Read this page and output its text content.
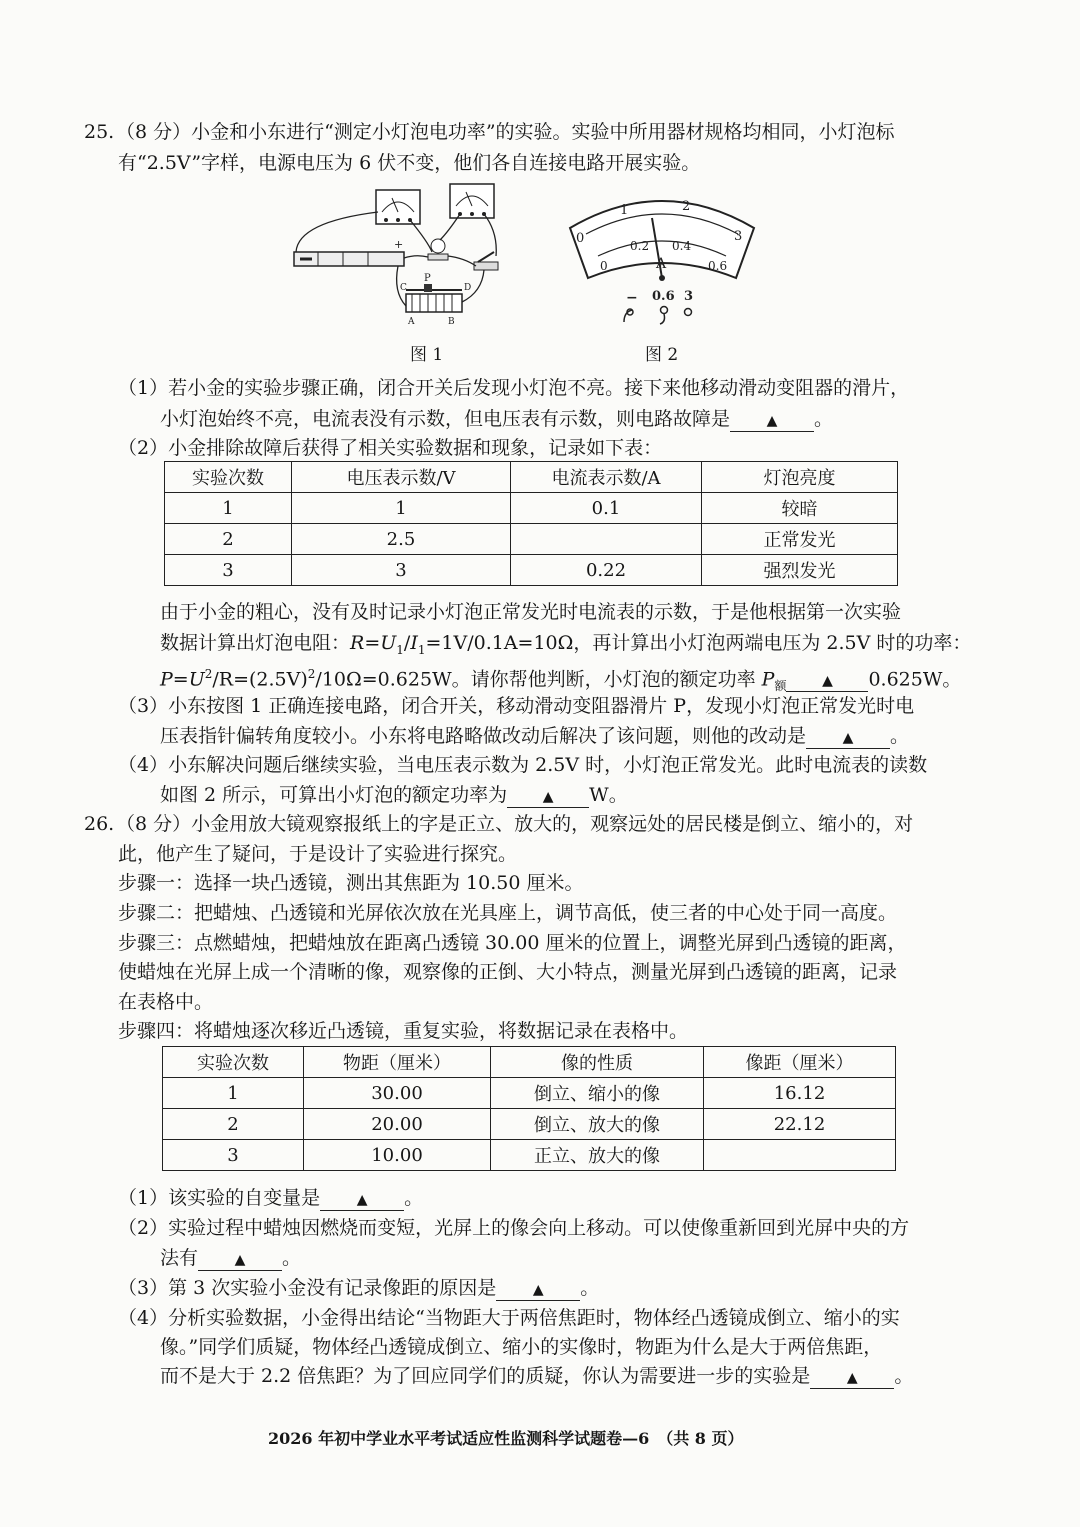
25. （8 分）小金和小东进行“测定小灯泡电功率”的实验。实验中所用器材规格均相同，小灯泡标
有“2.5V”字样，电源电压为 6 伏不变，他们各自连接电路开展实验。
+
P
A	B
C	D
0
1	2
3
0
0.2 0.4
0.6
A
− 0.6 3
图 1	图 2
（1）若小金的实验步骤正确，闭合开关后发现小灯泡不亮。接下来他移动滑动变阻器的滑片，
小灯泡始终不亮，电流表没有示数，但电压表有示数，则电路故障是	▲ 。
（2）小金排除故障后获得了相关实验数据和现象，记录如下表：
实验次数	电压表示数/V	电流表示数/A	灯泡亮度
1	1	0.1	较暗
2	2.5		正常发光
3	3	0.22	强烈发光
由于小金的粗心，没有及时记录小灯泡正常发光时电流表的示数，于是他根据第一次实验
数据计算出灯泡电阻：$R=U_1/I_1=1V/0.1A=10\Omega$，再计算出小灯泡两端电压为 2.5V 时的功率：
$P=U^2/R=(2.5V)^2/10\Omega=0.625W$。请你帮他判断，小灯泡的额定功率 $P_额$	▲ 0.625W。
（3）小东按图 1 正确连接电路，闭合开关，移动滑动变阻器滑片 P，发现小灯泡正常发光时电
压表指针偏转角度较小。小东将电路略做改动后解决了该问题，则他的改动是	▲ 。
（4）小东解决问题后继续实验，当电压表示数为 2.5V 时，小灯泡正常发光。此时电流表的读数
如图 2 所示，可算出小灯泡的额定功率为	▲ W。
26. （8 分）小金用放大镜观察报纸上的字是正立、放大的，观察远处的居民楼是倒立、缩小的，对
此，他产生了疑问，于是设计了实验进行探究。
步骤一：选择一块凸透镜，测出其焦距为 10.50 厘米。
步骤二：把蜡烛、凸透镜和光屏依次放在光具座上，调节高低，使三者的中心处于同一高度。
步骤三：点燃蜡烛，把蜡烛放在距离凸透镜 30.00 厘米的位置上，调整光屏到凸透镜的距离，
使蜡烛在光屏上成一个清晰的像，观察像的正倒、大小特点，测量光屏到凸透镜的距离，记录
在表格中。
步骤四：将蜡烛逐次移近凸透镜，重复实验，将数据记录在表格中。
实验次数	物距（厘米）	像的性质	像距（厘米）
1	30.00	倒立、缩小的像	16.12
2	20.00	倒立、放大的像	22.12
3	10.00	正立、放大的像	
（1）该实验的自变量是	▲ 。
（2）实验过程中蜡烛因燃烧而变短，光屏上的像会向上移动。可以使像重新回到光屏中央的方
法有	▲ 。
（3）第 3 次实验小金没有记录像距的原因是	▲ 。
（4）分析实验数据，小金得出结论“当物距大于两倍焦距时，物体经凸透镜成倒立、缩小的实
像。”同学们质疑，物体经凸透镜成倒立、缩小的实像时，物距为什么是大于两倍焦距，
而不是大于 2.2 倍焦距？为了回应同学们的质疑，你认为需要进一步的实验是	▲ 。
2026 年初中学业水平考试适应性监测科学试题卷—6　（共 8 页）
